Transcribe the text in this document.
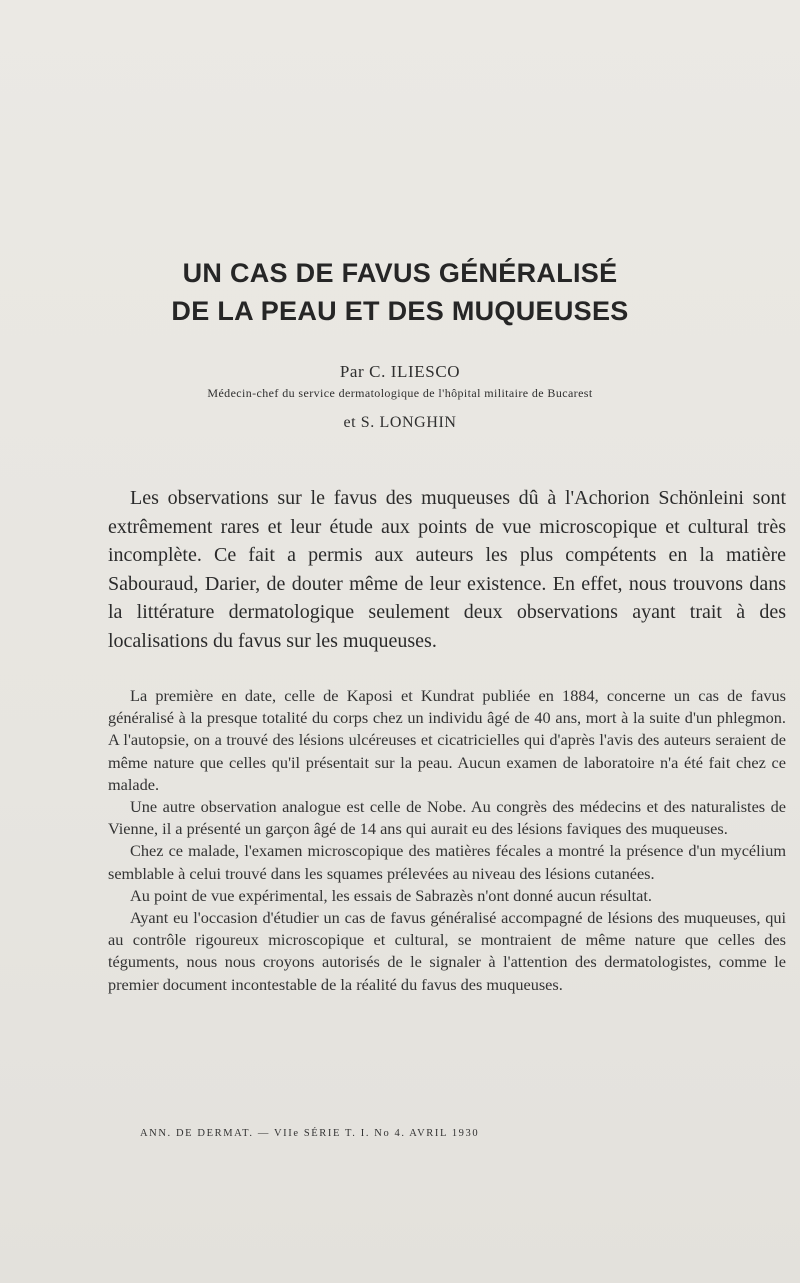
UN CAS DE FAVUS GÉNÉRALISÉ
DE LA PEAU ET DES MUQUEUSES

Par C. ILIESCO

Médecin-chef du service dermatologique de l'hôpital militaire de Bucarest

et S. LONGHIN

Les observations sur le favus des muqueuses dû à l'Achorion Schönleini sont extrêmement rares et leur étude aux points de vue microscopique et cultural très incomplète. Ce fait a permis aux auteurs les plus compétents en la matière Sabouraud, Darier, de douter même de leur existence. En effet, nous trouvons dans la littérature dermatologique seulement deux observations ayant trait à des localisations du favus sur les muqueuses.

La première en date, celle de Kaposi et Kundrat publiée en 1884, concerne un cas de favus généralisé à la presque totalité du corps chez un individu âgé de 40 ans, mort à la suite d'un phlegmon. A l'autopsie, on a trouvé des lésions ulcéreuses et cicatricielles qui d'après l'avis des auteurs seraient de même nature que celles qu'il présentait sur la peau. Aucun examen de laboratoire n'a été fait chez ce malade.

Une autre observation analogue est celle de Nobe. Au congrès des médecins et des naturalistes de Vienne, il a présenté un garçon âgé de 14 ans qui aurait eu des lésions faviques des muqueuses.

Chez ce malade, l'examen microscopique des matières fécales a montré la présence d'un mycélium semblable à celui trouvé dans les squames prélevées au niveau des lésions cutanées.

Au point de vue expérimental, les essais de Sabrazès n'ont donné aucun résultat.

Ayant eu l'occasion d'étudier un cas de favus généralisé accompagné de lésions des muqueuses, qui au contrôle rigoureux microscopique et cultural, se montraient de même nature que celles des téguments, nous nous croyons autorisés de le signaler à l'attention des dermatologistes, comme le premier document incontestable de la réalité du favus des muqueuses.

ANN. DE DERMAT. — VIIe SÉRIE T. I. No 4. AVRIL 1930
